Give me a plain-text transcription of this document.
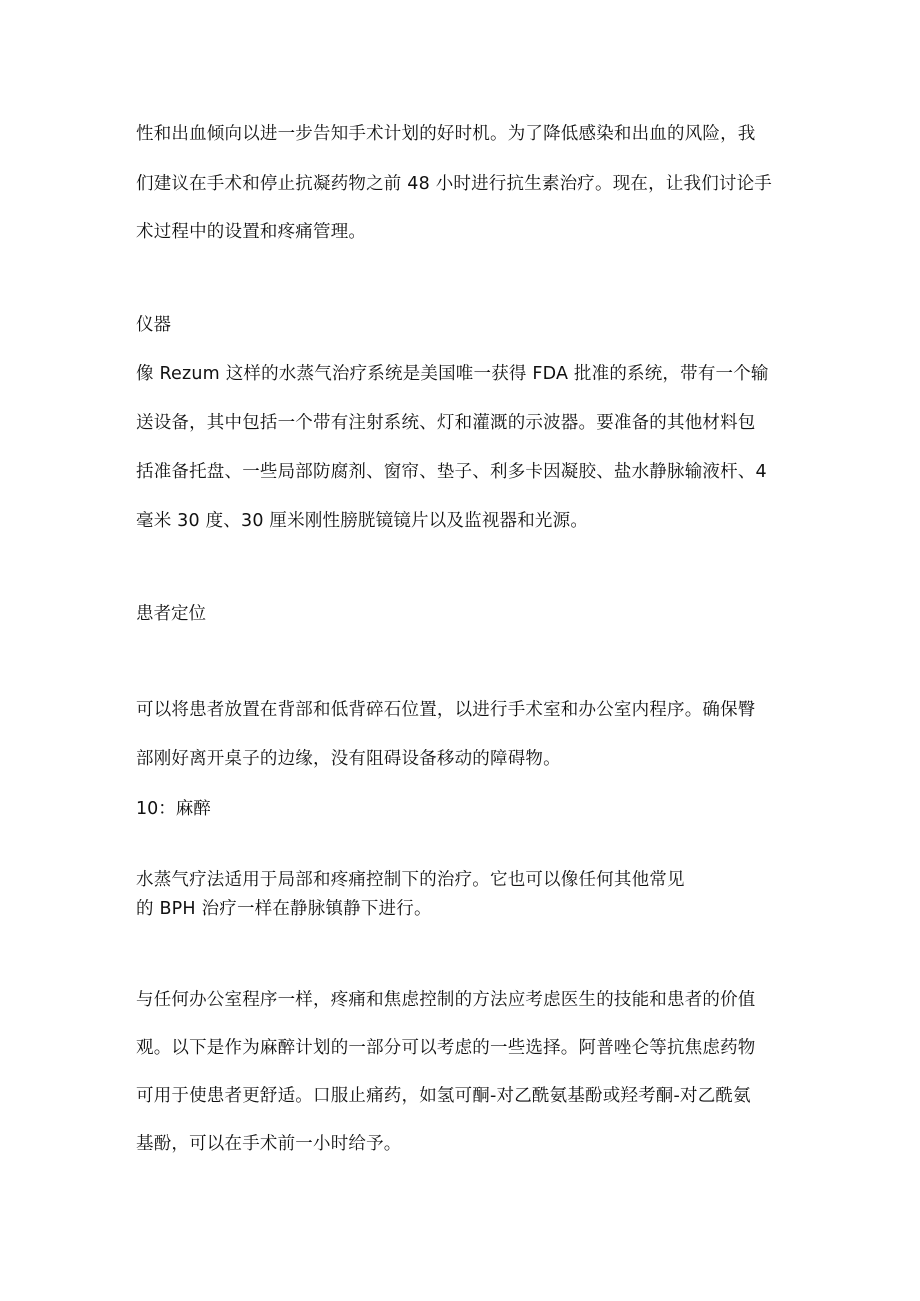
性和出血倾向以进一步告知手术计划的好时机。为了降低感染和出血的风险，我
们建议在手术和停止抗凝药物之前 48 小时进行抗生素治疗。现在，让我们讨论手
术过程中的设置和疼痛管理。
仪器
像 Rezum 这样的水蒸气治疗系统是美国唯一获得 FDA 批准的系统，带有一个输
送设备，其中包括一个带有注射系统、灯和灌溉的示波器。要准备的其他材料包
括准备托盘、一些局部防腐剂、窗帘、垫子、利多卡因凝胶、盐水静脉输液杆、4
毫米 30 度、30 厘米刚性膀胱镜镜片以及监视器和光源。
患者定位
可以将患者放置在背部和低背碎石位置，以进行手术室和办公室内程序。确保臀
部刚好离开桌子的边缘，没有阻碍设备移动的障碍物。
10：麻醉
水蒸气疗法适用于局部和疼痛控制下的治疗。它也可以像任何其他常见
的 BPH 治疗一样在静脉镇静下进行。
与任何办公室程序一样，疼痛和焦虑控制的方法应考虑医生的技能和患者的价值
观。以下是作为麻醉计划的一部分可以考虑的一些选择。阿普唑仑等抗焦虑药物
可用于使患者更舒适。口服止痛药，如氢可酮-对乙酰氨基酚或羟考酮-对乙酰氨
基酚，可以在手术前一小时给予。
